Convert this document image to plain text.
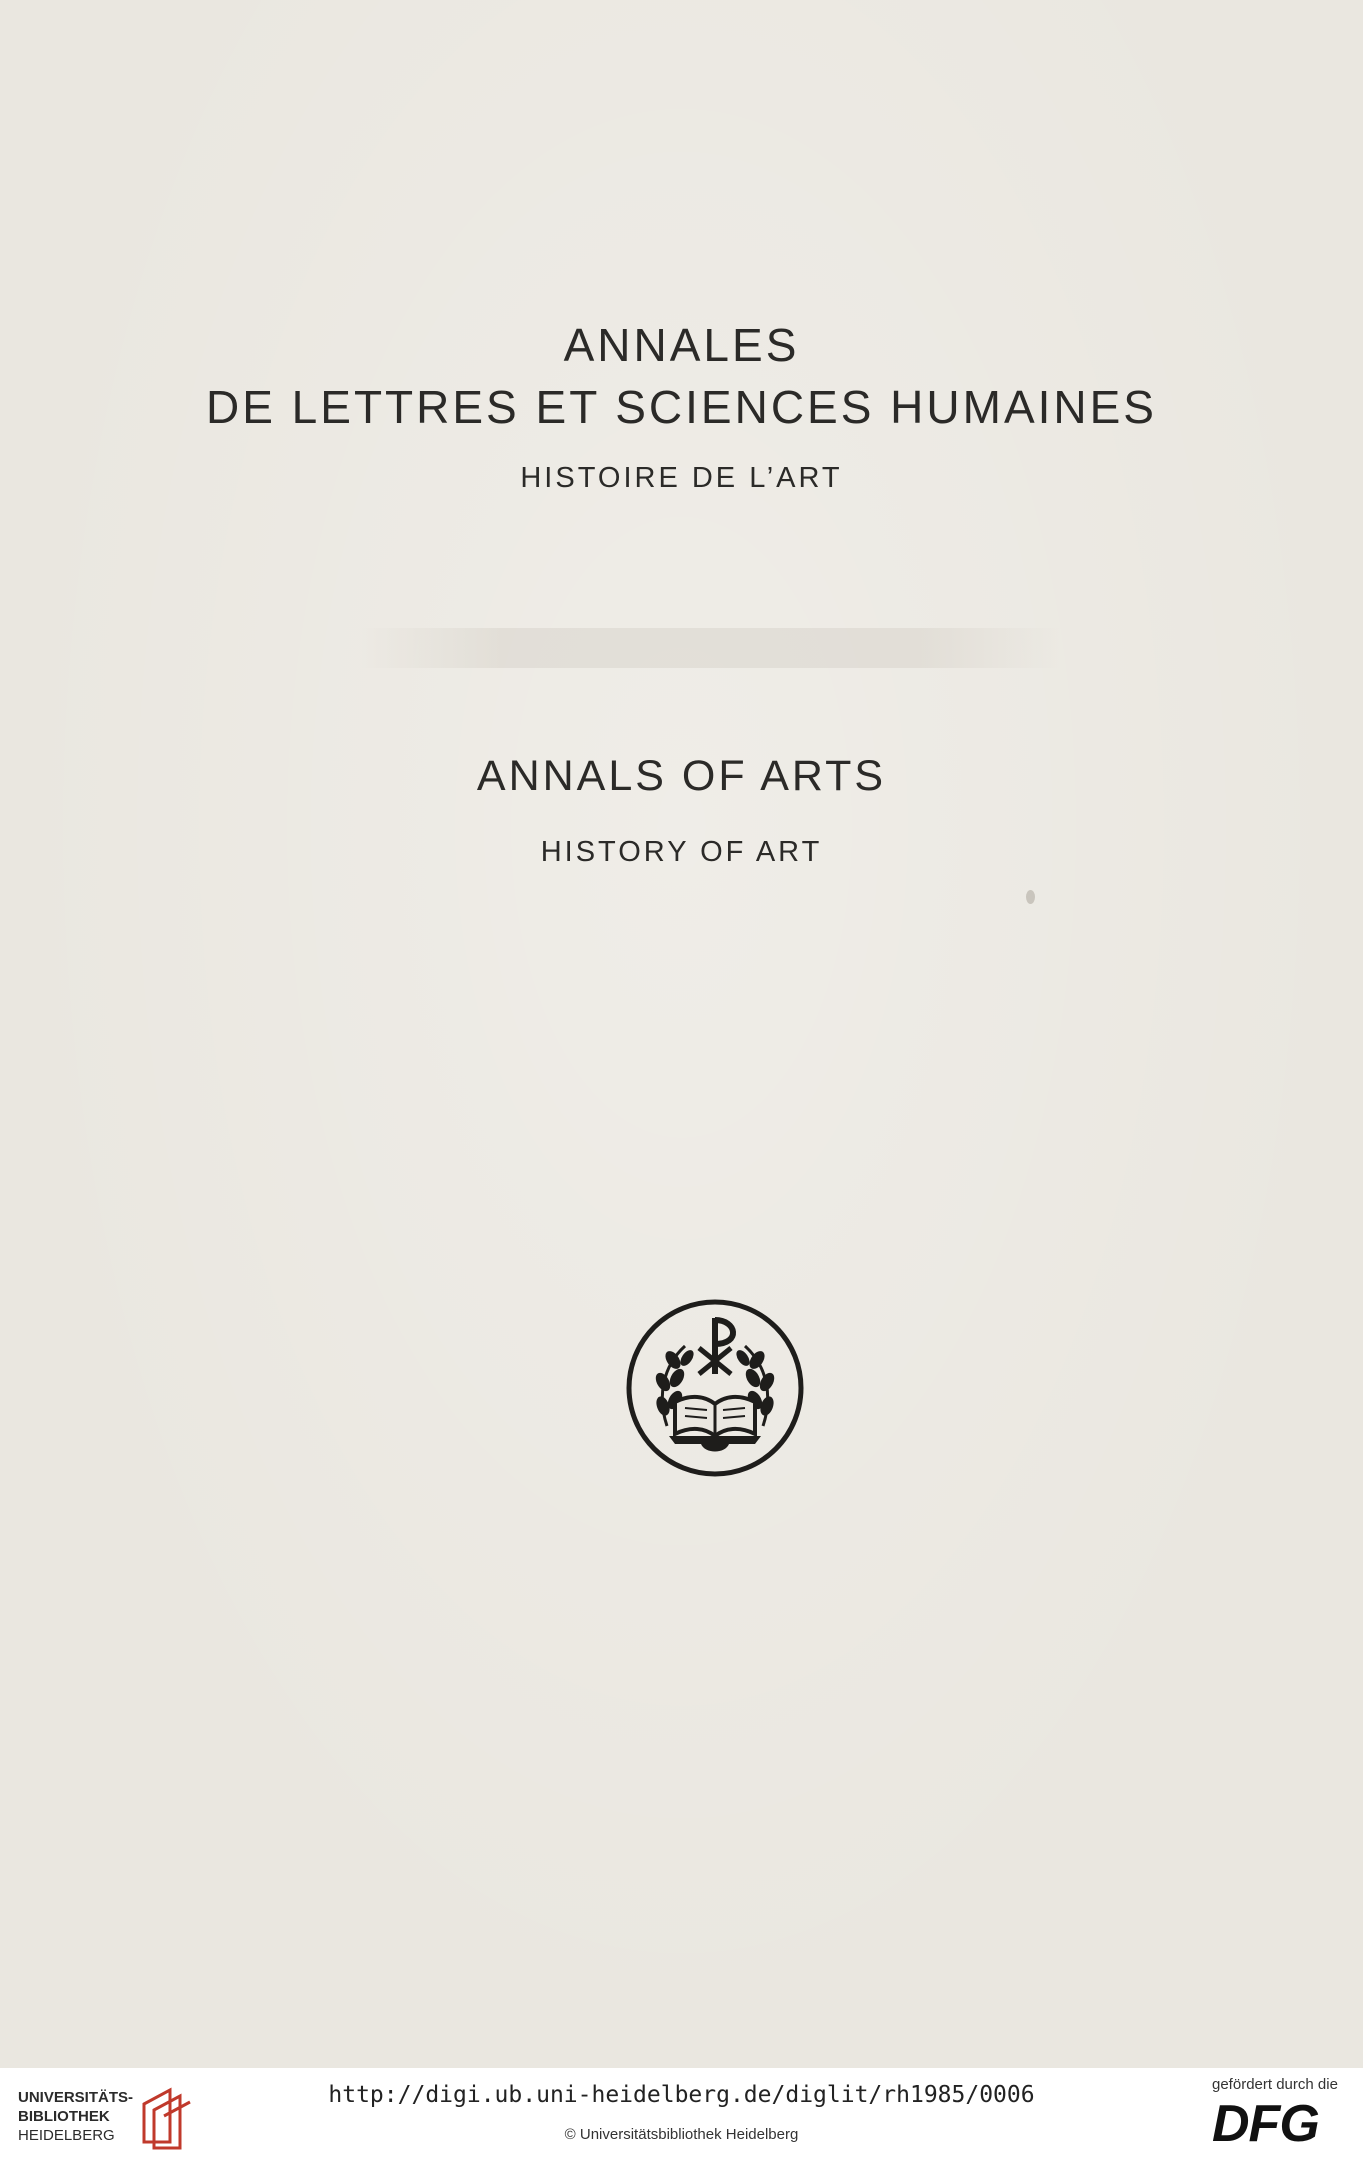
ANNALES
DE LETTRES ET SCIENCES HUMAINES
HISTOIRE DE L’ART
ANNALS OF ARTS
HISTORY OF ART
UNIVERSITÄTS-
BIBLIOTHEK
HEIDELBERG
http://digi.ub.uni-heidelberg.de/diglit/rh1985/0006
© Universitätsbibliothek Heidelberg
gefördert durch die
DFG
